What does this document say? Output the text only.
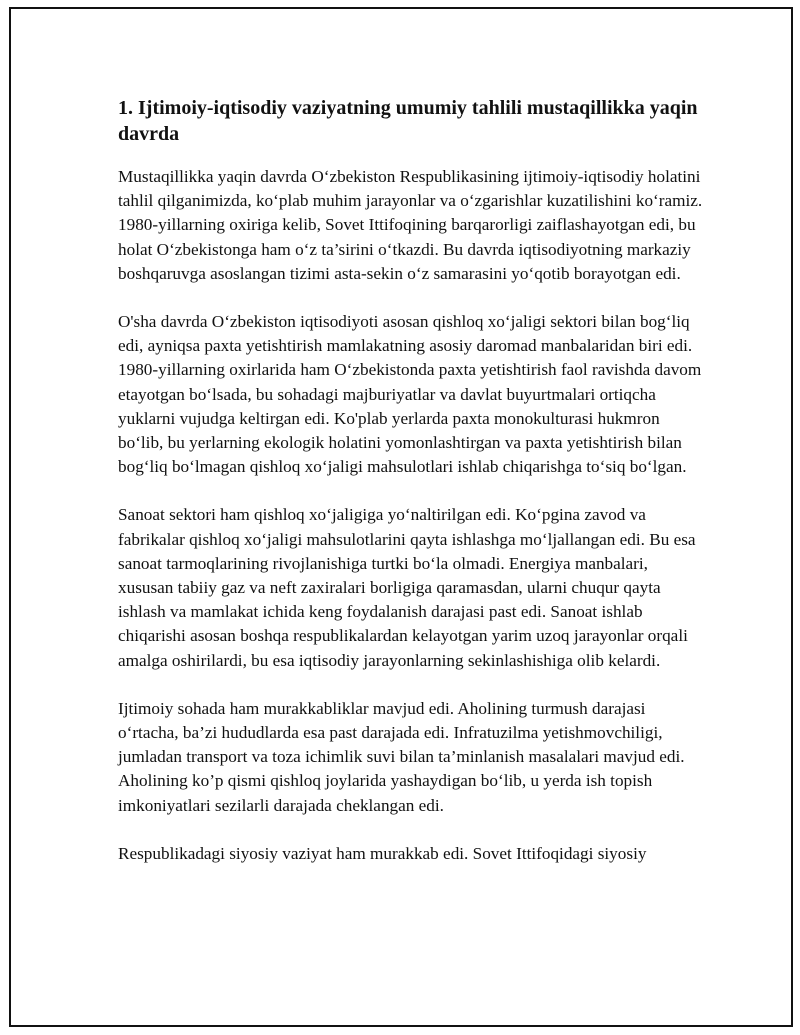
1. Ijtimoiy-iqtisodiy vaziyatning umumiy tahlili mustaqillikka yaqin davrda

Mustaqillikka yaqin davrda O‘zbekiston Respublikasining ijtimoiy-iqtisodiy holatini tahlil qilganimizda, ko‘plab muhim jarayonlar va o‘zgarishlar kuzatilishini ko‘ramiz. 1980-yillarning oxiriga kelib, Sovet Ittifoqining barqarorligi zaiflashayotgan edi, bu holat O‘zbekistonga ham o‘z ta’sirini o‘tkazdi. Bu davrda iqtisodiyotning markaziy boshqaruvga asoslangan tizimi asta-sekin o‘z samarasini yo‘qotib borayotgan edi.

O'sha davrda O‘zbekiston iqtisodiyoti asosan qishloq xo‘jaligi sektori bilan bog‘liq edi, ayniqsa paxta yetishtirish mamlakatning asosiy daromad manbalaridan biri edi. 1980-yillarning oxirlarida ham O‘zbekistonda paxta yetishtirish faol ravishda davom etayotgan bo‘lsada, bu sohadagi majburiyatlar va davlat buyurtmalari ortiqcha yuklarni vujudga keltirgan edi. Ko'plab yerlarda paxta monokulturasi hukmron bo‘lib, bu yerlarning ekologik holatini yomonlashtirgan va paxta yetishtirish bilan bog‘liq bo‘lmagan qishloq xo‘jaligi mahsulotlari ishlab chiqarishga to‘siq bo‘lgan.

Sanoat sektori ham qishloq xo‘jaligiga yo‘naltirilgan edi. Ko‘pgina zavod va fabrikalar qishloq xo‘jaligi mahsulotlarini qayta ishlashga mo‘ljallangan edi. Bu esa sanoat tarmoqlarining rivojlanishiga turtki bo‘la olmadi. Energiya manbalari, xususan tabiiy gaz va neft zaxiralari borligiga qaramasdan, ularni chuqur qayta ishlash va mamlakat ichida keng foydalanish darajasi past edi. Sanoat ishlab chiqarishi asosan boshqa respublikalardan kelayotgan yarim uzoq jarayonlar orqali amalga oshirilardi, bu esa iqtisodiy jarayonlarning sekinlashishiga olib kelardi.

Ijtimoiy sohada ham murakkabliklar mavjud edi. Aholining turmush darajasi o‘rtacha, ba’zi hududlarda esa past darajada edi. Infratuzilma yetishmovchiligi, jumladan transport va toza ichimlik suvi bilan ta’minlanish masalalari mavjud edi. Aholining ko’p qismi qishloq joylarida yashaydigan bo‘lib, u yerda ish topish imkoniyatlari sezilarli darajada cheklangan edi.

Respublikadagi siyosiy vaziyat ham murakkab edi. Sovet Ittifoqidagi siyosiy
